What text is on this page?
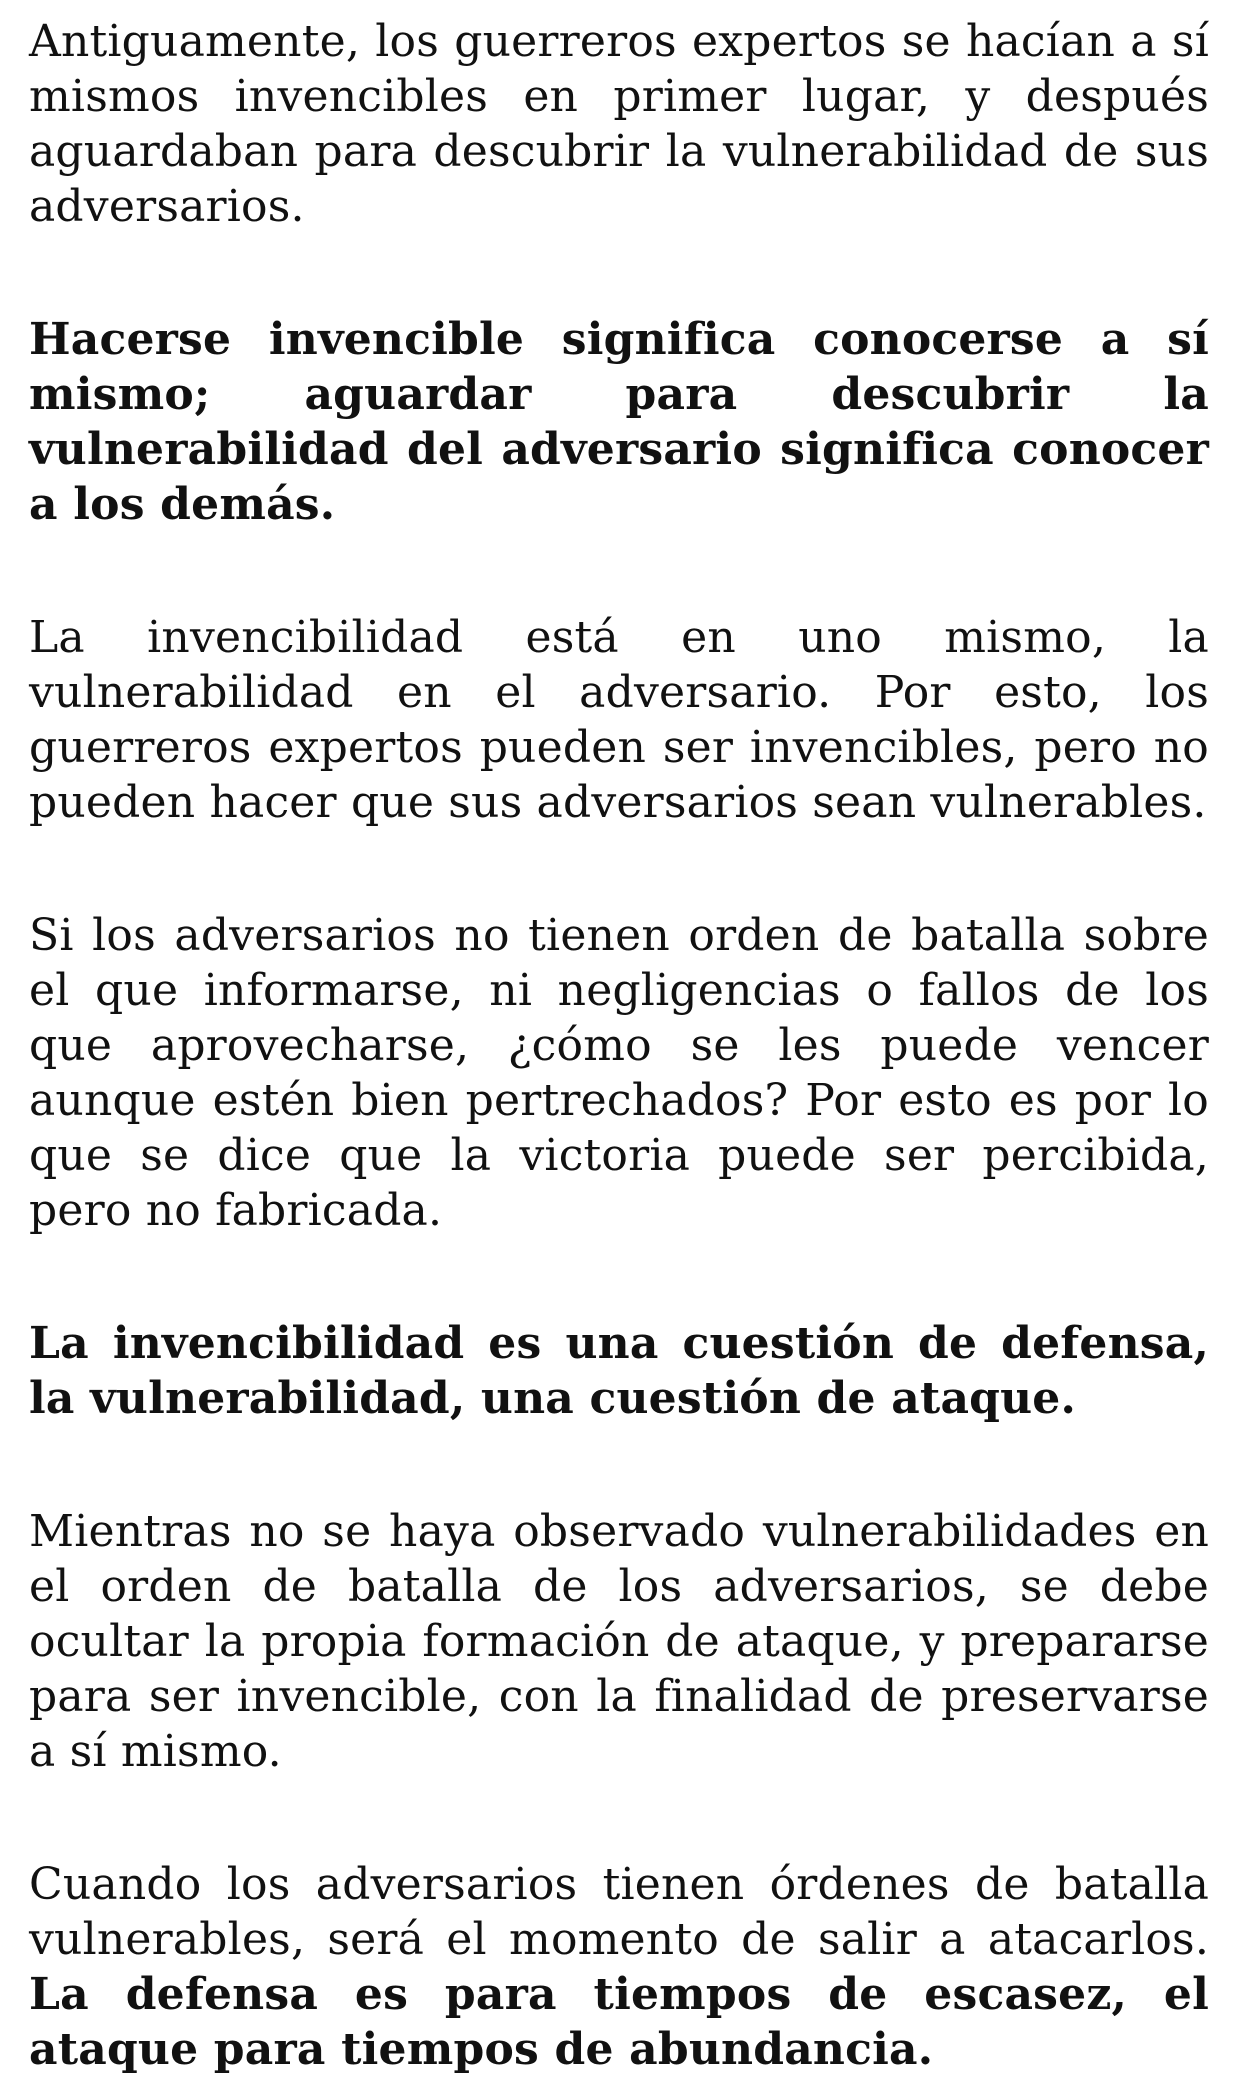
Antiguamente, los guerreros expertos se hacían a sí mismos invencibles en primer lugar, y después aguardaban para descubrir la vulnerabilidad de sus adversarios.

Hacerse invencible significa conocerse a sí mismo; aguardar para descubrir la vulnerabilidad del adversario significa conocer a los demás.

La invencibilidad está en uno mismo, la vulnerabilidad en el adversario. Por esto, los guerreros expertos pueden ser invencibles, pero no pueden hacer que sus adversarios sean vulnerables.

Si los adversarios no tienen orden de batalla sobre el que informarse, ni negligencias o fallos de los que aprovecharse, ¿cómo se les puede vencer aunque estén bien pertrechados? Por esto es por lo que se dice que la victoria puede ser percibida, pero no fabricada.

La invencibilidad es una cuestión de defensa, la vulnerabilidad, una cuestión de ataque.

Mientras no se haya observado vulnerabilidades en el orden de batalla de los adversarios, se debe ocultar la propia formación de ataque, y prepararse para ser invencible, con la finalidad de preservarse a sí mismo.

Cuando los adversarios tienen órdenes de batalla vulnerables, será el momento de salir a atacarlos. La defensa es para tiempos de escasez, el ataque para tiempos de abundancia.
